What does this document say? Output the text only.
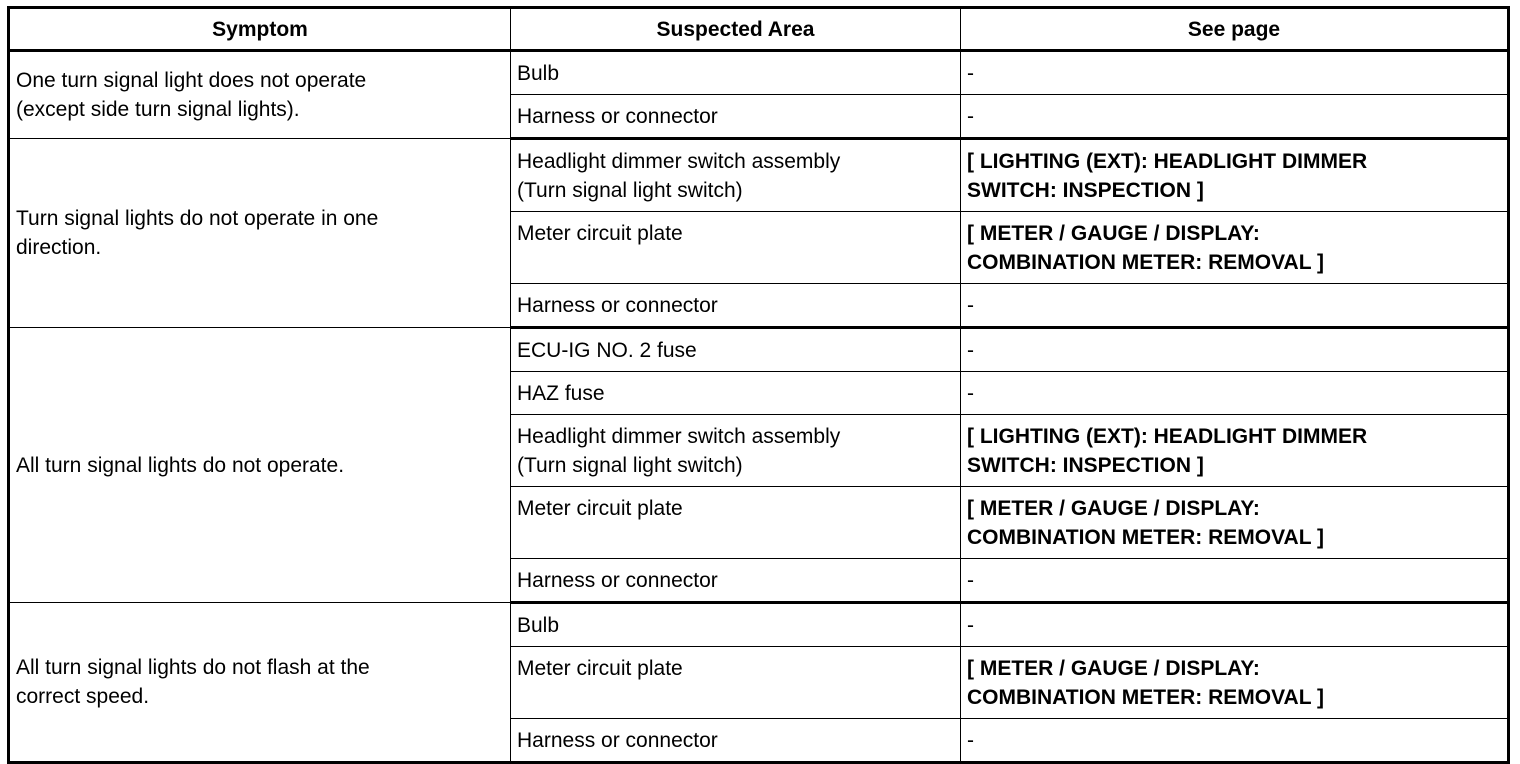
Symptom	Suspected Area	See page

One turn signal light does not operate
(except side turn signal lights).	Bulb	-

	Harness or connector	-

Turn signal lights do not operate in one
direction.	Headlight dimmer switch assembly
(Turn signal light switch)	[ LIGHTING (EXT): HEADLIGHT DIMMER
SWITCH: INSPECTION ]

	Meter circuit plate	[ METER / GAUGE / DISPLAY:
COMBINATION METER: REMOVAL ]

	Harness or connector	-

All turn signal lights do not operate.	ECU-IG NO. 2 fuse	-

	HAZ fuse	-

	Headlight dimmer switch assembly
(Turn signal light switch)	[ LIGHTING (EXT): HEADLIGHT DIMMER
SWITCH: INSPECTION ]

	Meter circuit plate	[ METER / GAUGE / DISPLAY:
COMBINATION METER: REMOVAL ]

	Harness or connector	-

All turn signal lights do not flash at the
correct speed.	Bulb	-

	Meter circuit plate	[ METER / GAUGE / DISPLAY:
COMBINATION METER: REMOVAL ]

	Harness or connector	-
